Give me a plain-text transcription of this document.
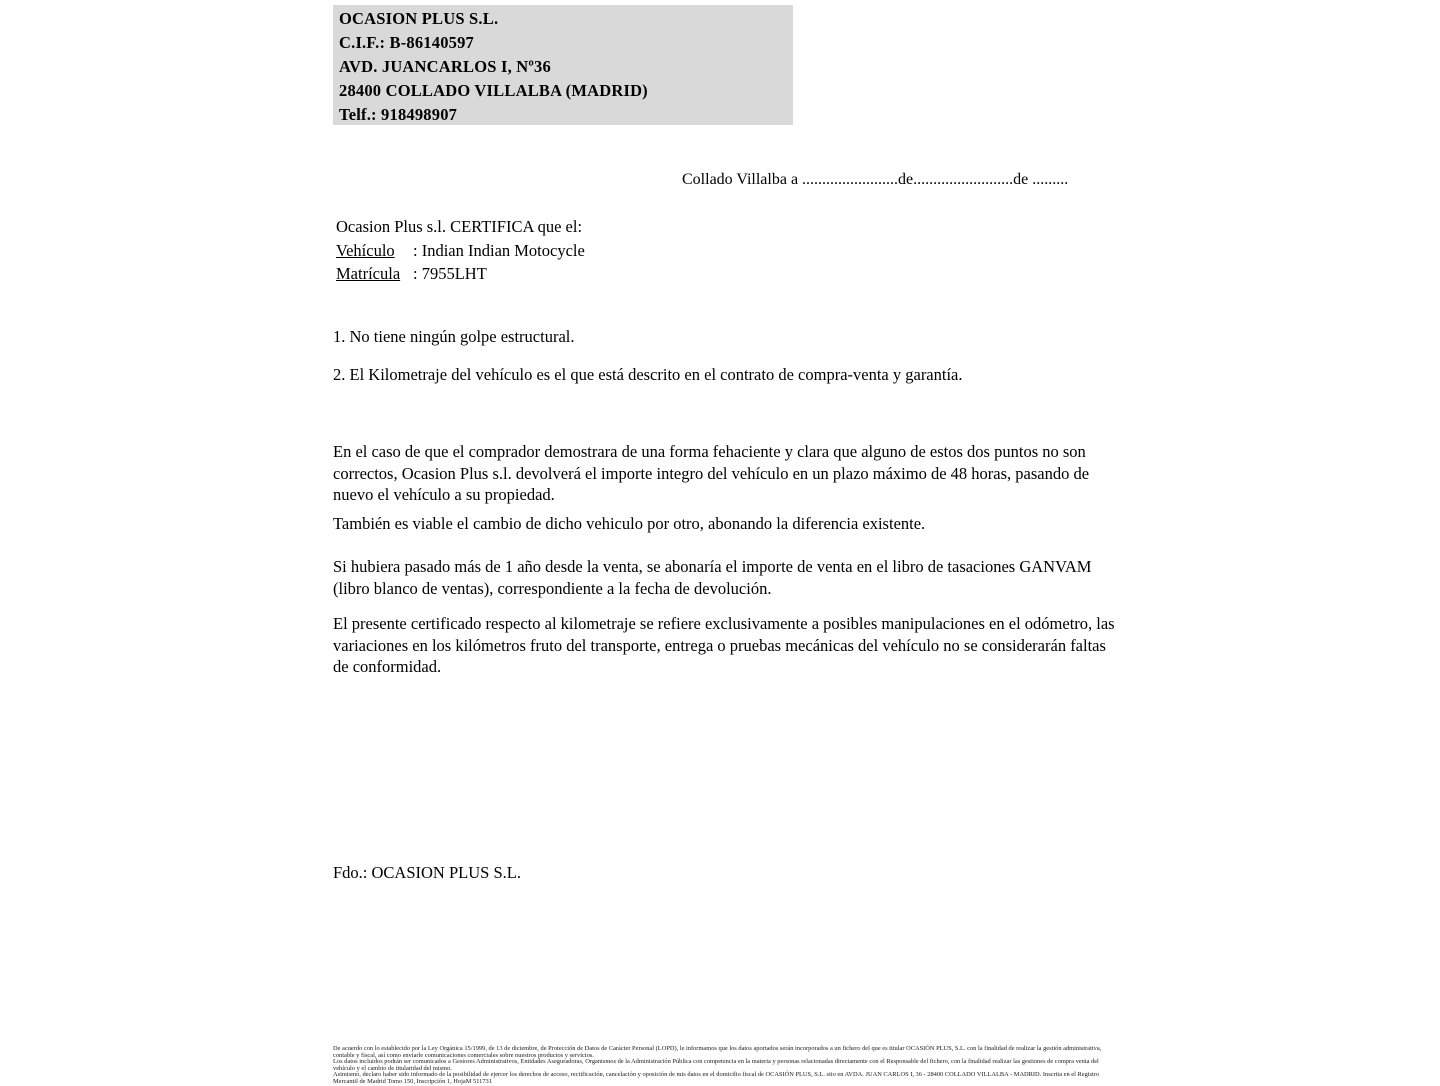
OCASION PLUS S.L.
C.I.F.: B-86140597
AVD. JUANCARLOS I, Nº36
28400 COLLADO VILLALBA (MADRID)
Telf.: 918498907
Collado Villalba a ........................de.........................de .........
Ocasion Plus s.l. CERTIFICA que el:
Vehículo : Indian Indian Motocycle
Matrícula : 7955LHT
1. No tiene ningún golpe estructural.
2. El Kilometraje del vehículo es el que está descrito en el contrato de compra-venta y garantía.
En el caso de que el comprador demostrara de una forma fehaciente y clara que alguno de estos dos puntos no son correctos, Ocasion Plus s.l. devolverá el importe integro del vehículo en un plazo máximo de 48 horas, pasando de nuevo el vehículo a su propiedad.
También es viable el cambio de dicho vehiculo por otro, abonando la diferencia existente.
Si hubiera pasado más de 1 año desde la venta, se abonaría el importe de venta en el libro de tasaciones GANVAM (libro blanco de ventas), correspondiente a la fecha de devolución.
El presente certificado respecto al kilometraje se refiere exclusivamente a posibles manipulaciones en el odómetro, las variaciones en los kilómetros fruto del transporte, entrega o pruebas mecánicas del vehículo no se considerarán faltas de conformidad.
Fdo.: OCASION PLUS S.L.
De acuerdo con lo establecido por la Ley Orgánica 15/1999, de 13 de diciembre, de Protección de Datos de Carácter Personal (LOPD), le informamos que los datos aportados serán incorporados a un fichero del que es titular OCASIÓN PLUS, S.L. con la finalidad de realizar la gestión administrativa, contable y fiscal, así como enviarle comunicaciones comerciales sobre nuestros productos y servicios.
Los datos incluidos podrán ser comunicados a Gestores Administrativos, Entidades Aseguradoras, Organismos de la Administración Pública con competencia en la materia y personas relacionadas directamente con el Responsable del fichero, con la finalidad realizar las gestiones de compra venta del vehículo y el cambio de titularidad del mismo.
Asimismo, declaro haber sido informado de la posibilidad de ejercer los derechos de acceso, rectificación, cancelación y oposición de mis datos en el domicilio fiscal de OCASIÓN PLUS, S.L. sito en AVDA. JUAN CARLOS I, 36 - 28400 COLLADO VILLALBA - MADRID. Inscrita en el Registro Mercantil de Madrid Tomo 150, Inscripción 1, HojaM 511731
